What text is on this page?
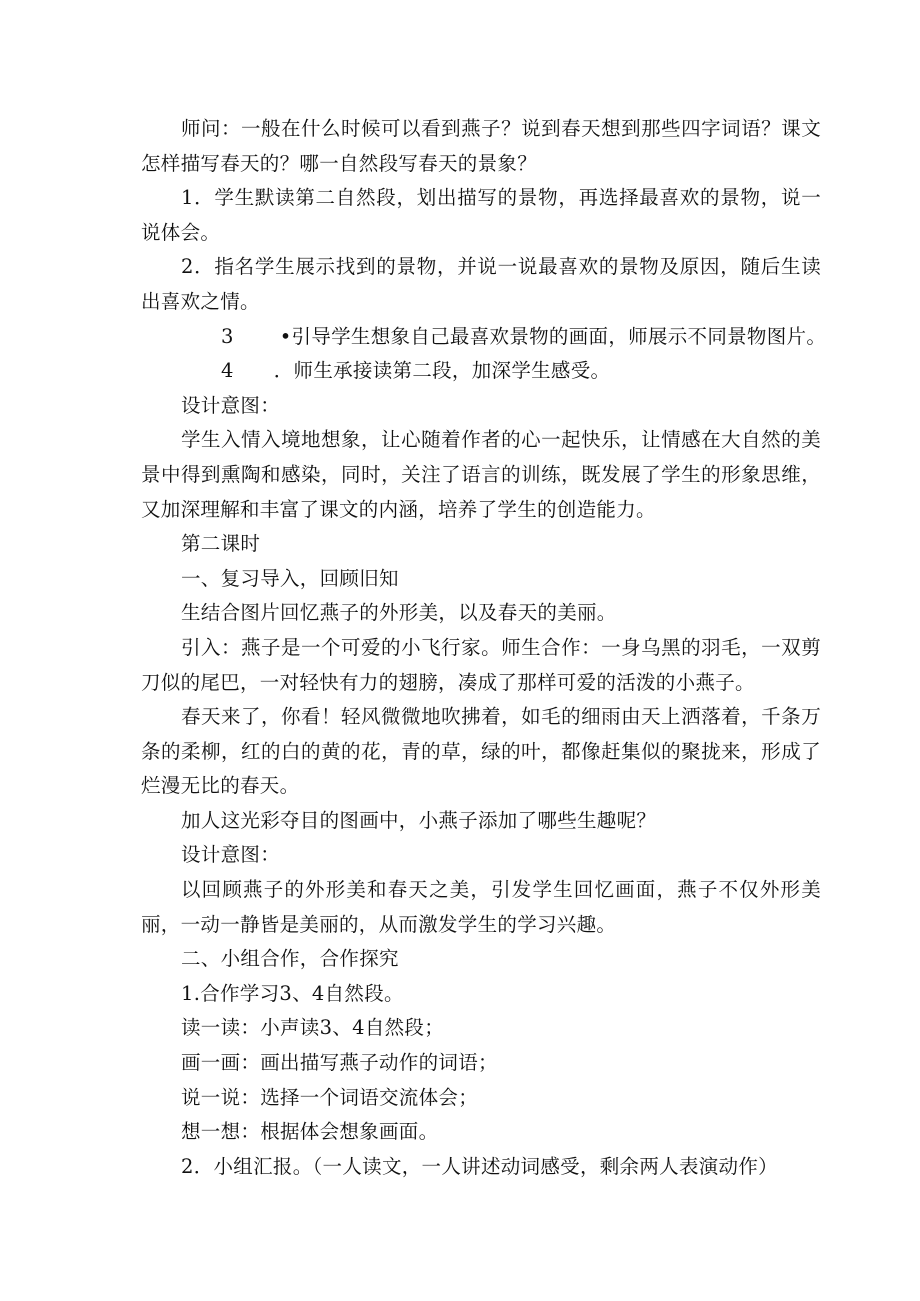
师问：一般在什么时候可以看到燕子？说到春天想到那些四字词语？课文怎样描写春天的？哪一自然段写春天的景象？

1．学生默读第二自然段，划出描写的景物，再选择最喜欢的景物，说一说体会。

2．指名学生展示找到的景物，并说一说最喜欢的景物及原因，随后生读出喜欢之情。

3 •引导学生想象自己最喜欢景物的画面，师展示不同景物图片。

4 ．师生承接读第二段，加深学生感受。

设计意图：

学生入情入境地想象，让心随着作者的心一起快乐，让情感在大自然的美景中得到熏陶和感染，同时，关注了语言的训练，既发展了学生的形象思维，又加深理解和丰富了课文的内涵，培养了学生的创造能力。

第二课时

一、复习导入，回顾旧知

生结合图片回忆燕子的外形美，以及春天的美丽。

引入：燕子是一个可爱的小飞行家。师生合作：一身乌黑的羽毛，一双剪刀似的尾巴，一对轻快有力的翅膀，凑成了那样可爱的活泼的小燕子。

春天来了，你看！轻风微微地吹拂着，如毛的细雨由天上洒落着，千条万条的柔柳，红的白的黄的花，青的草，绿的叶，都像赶集似的聚拢来，形成了烂漫无比的春天。

加人这光彩夺目的图画中，小燕子添加了哪些生趣呢？

设计意图：

以回顾燕子的外形美和春天之美，引发学生回忆画面，燕子不仅外形美丽，一动一静皆是美丽的，从而激发学生的学习兴趣。

二、小组合作，合作探究

1.合作学习3、4自然段。

读一读：小声读3、4自然段；

画一画：画出描写燕子动作的词语；

说一说：选择一个词语交流体会；

想一想：根据体会想象画面。

2．小组汇报。（一人读文，一人讲述动词感受，剩余两人表演动作）
